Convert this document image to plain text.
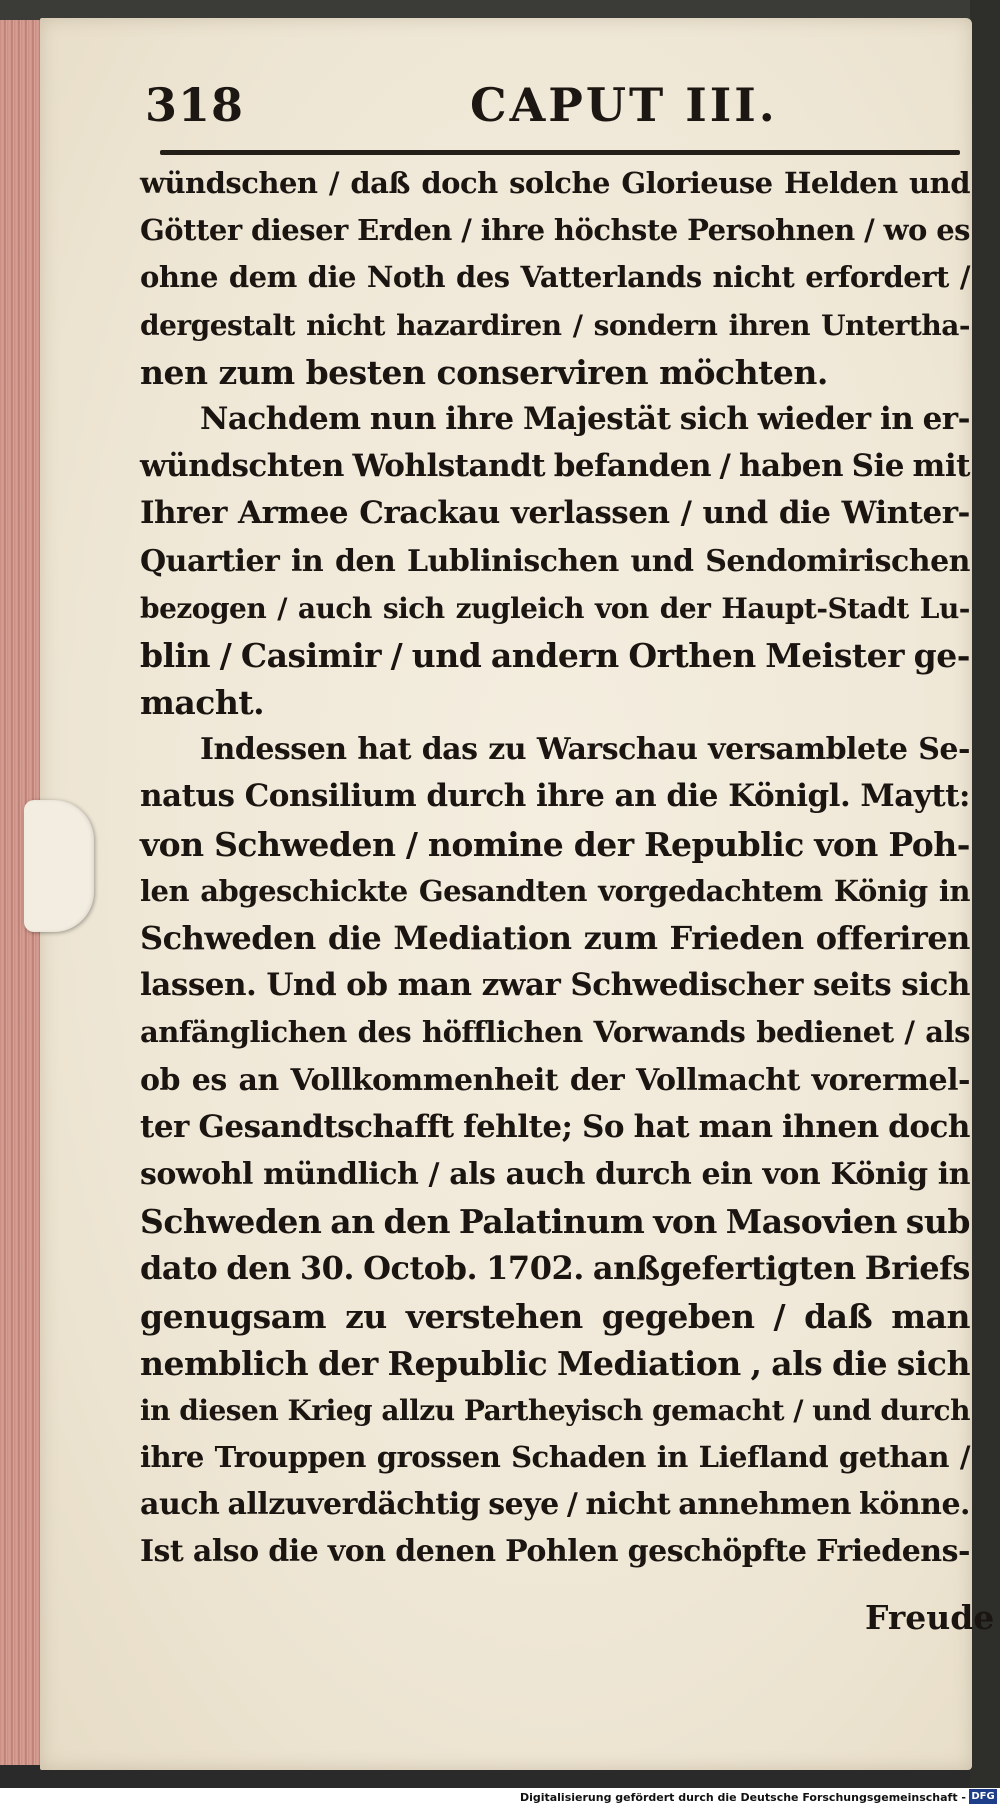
318	CAPUT III.
wündschen / daß doch solche Glorieuse Helden und
Götter dieser Erden / ihre höchste Persohnen / wo es
ohne dem die Noth des Vatterlands nicht erfordert /
dergestalt nicht hazardiren / sondern ihren Untertha-
nen zum besten conserviren möchten.
Nachdem nun ihre Majestät sich wieder in er-
wündschten Wohlstandt befanden / haben Sie mit
Ihrer Armee Crackau verlassen / und die Winter-
Quartier in den Lublinischen und Sendomirischen
bezogen / auch sich zugleich von der Haupt-Stadt Lu-
blin / Casimir / und andern Orthen Meister ge-
macht.
Indessen hat das zu Warschau versamblete Se-
natus Consilium durch ihre an die Königl. Maytt:
von Schweden / nomine der Republic von Poh-
len abgeschickte Gesandten vorgedachtem König in
Schweden die Mediation zum Frieden offeriren
lassen. Und ob man zwar Schwedischer seits sich
anfänglichen des höfflichen Vorwands bedienet / als
ob es an Vollkommenheit der Vollmacht vorermel-
ter Gesandtschafft fehlte; So hat man ihnen doch
sowohl mündlich / als auch durch ein von König in
Schweden an den Palatinum von Masovien sub
dato den 30. Octob. 1702. anßgefertigten Briefs
genugsam zu verstehen gegeben / daß man
nemblich der Republic Mediation , als die sich
in diesen Krieg allzu Partheyisch gemacht / und durch
ihre Trouppen grossen Schaden in Liefland gethan /
auch allzuverdächtig seye / nicht annehmen könne.
Ist also die von denen Pohlen geschöpfte Friedens-
Freude
Digitalisierung gefördert durch die Deutsche Forschungsgemeinschaft - DFG
